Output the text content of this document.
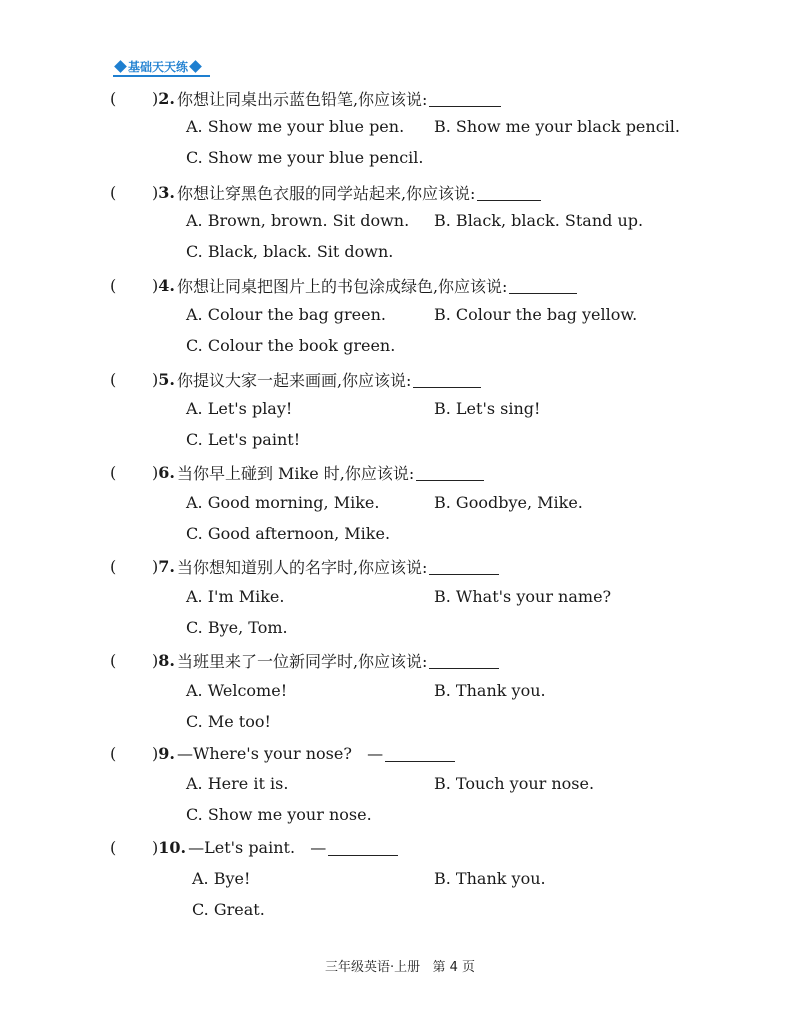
基础天天练
(	) 2. 你想让同桌出示蓝色铅笔,你应该说:
A. Show me your blue pen. B. Show me your black pencil.
C. Show me your blue pencil.
(	) 3. 你想让穿黑色衣服的同学站起来,你应该说:
A. Brown, brown. Sit down. B. Black, black. Stand up.
C. Black, black. Sit down.
(	) 4. 你想让同桌把图片上的书包涂成绿色,你应该说:
A. Colour the bag green.	B. Colour the bag yellow.
C. Colour the book green.
(	) 5. 你提议大家一起来画画,你应该说:
A. Let's play!	B. Let's sing!
C. Let's paint!
(	) 6. 当你早上碰到 Mike 时,你应该说:
A. Good morning, Mike.	B. Goodbye, Mike.
C. Good afternoon, Mike.
(	) 7. 当你想知道别人的名字时,你应该说:
A. I'm Mike.	B. What's your name?
C. Bye, Tom.
(	) 8. 当班里来了一位新同学时,你应该说:
A. Welcome!	B. Thank you.
C. Me too!
(	) 9. —Where's your nose?   —
A. Here it is.	B. Touch your nose.
C. Show me your nose.
(	) 10. —Let's paint.   —
A. Bye!	B. Thank you.
C. Great.
三年级英语·上册   第 4 页
